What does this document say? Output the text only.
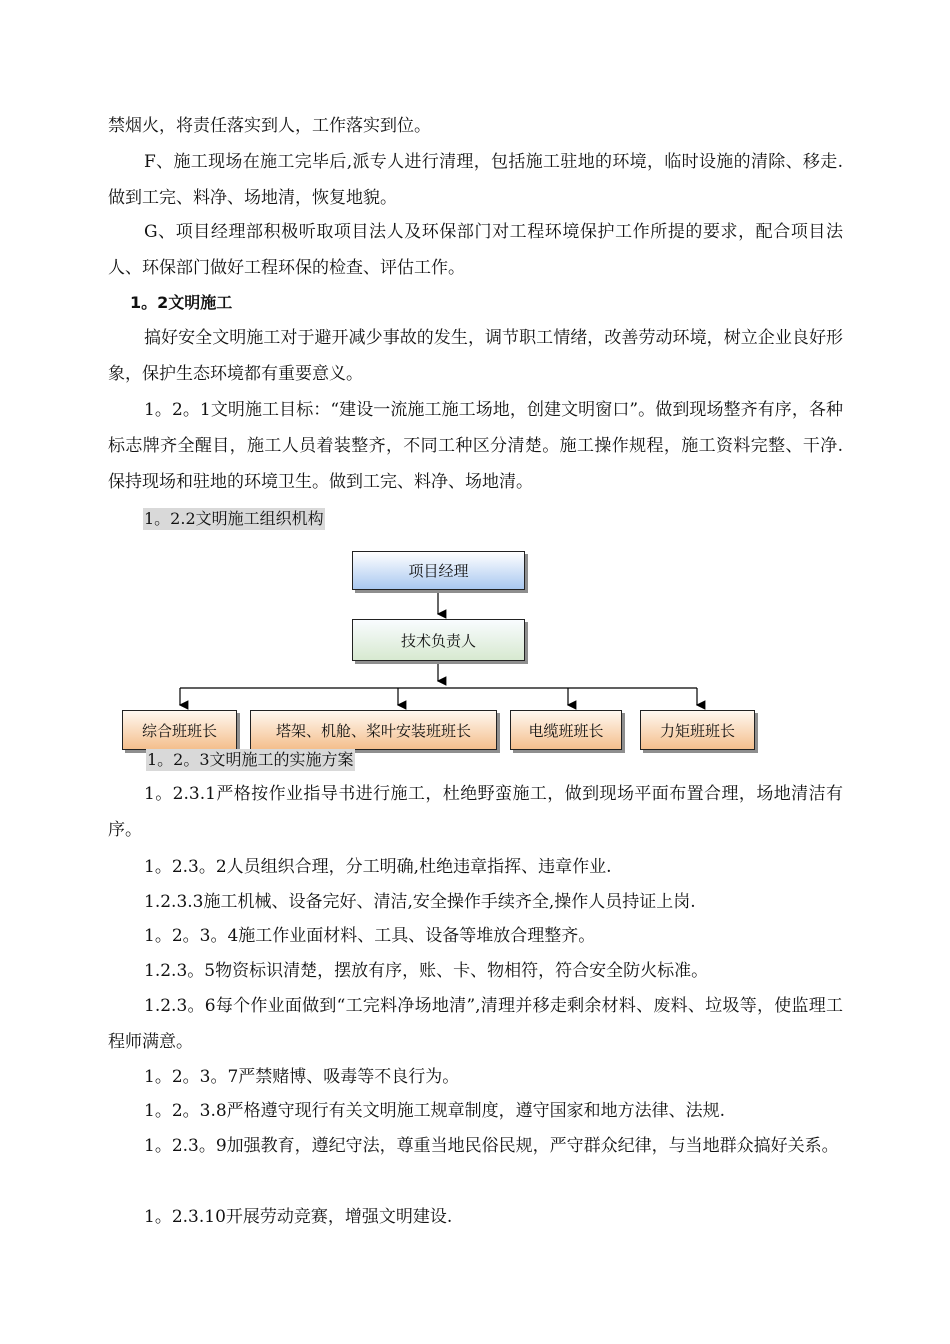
禁烟火，将责任落实到人，工作落实到位。

F、施工现场在施工完毕后,派专人进行清理，包括施工驻地的环境，临时设施的清除、移走.做到工完、料净、场地清，恢复地貌。

G、项目经理部积极听取项目法人及环保部门对工程环境保护工作所提的要求，配合项目法人、环保部门做好工程环保的检查、评估工作。

1。2文明施工

搞好安全文明施工对于避开减少事故的发生，调节职工情绪，改善劳动环境，树立企业良好形象，保护生态环境都有重要意义。

1。2。1文明施工目标：“建设一流施工施工场地，创建文明窗口”。做到现场整齐有序，各种标志牌齐全醒目，施工人员着装整齐，不同工种区分清楚。施工操作规程，施工资料完整、干净.保持现场和驻地的环境卫生。做到工完、料净、场地清。

1。2.2文明施工组织机构

项目经理
技术负责人
综合班班长	塔架、机舱、桨叶安装班班长	电缆班班长	力矩班班长

1。2。3文明施工的实施方案

1。2.3.1严格按作业指导书进行施工，杜绝野蛮施工，做到现场平面布置合理，场地清洁有序。

1。2.3。2人员组织合理，分工明确,杜绝违章指挥、违章作业.

1.2.3.3施工机械、设备完好、清洁,安全操作手续齐全,操作人员持证上岗.

1。2。3。4施工作业面材料、工具、设备等堆放合理整齐。

1.2.3。5物资标识清楚，摆放有序，账、卡、物相符，符合安全防火标准。

1.2.3。6每个作业面做到“工完料净场地清”,清理并移走剩余材料、废料、垃圾等，使监理工程师满意。

1。2。3。7严禁赌博、吸毒等不良行为。

1。2。3.8严格遵守现行有关文明施工规章制度，遵守国家和地方法律、法规.

1。2.3。9加强教育，遵纪守法，尊重当地民俗民规，严守群众纪律，与当地群众搞好关系。

1。2.3.10开展劳动竞赛，增强文明建设.
